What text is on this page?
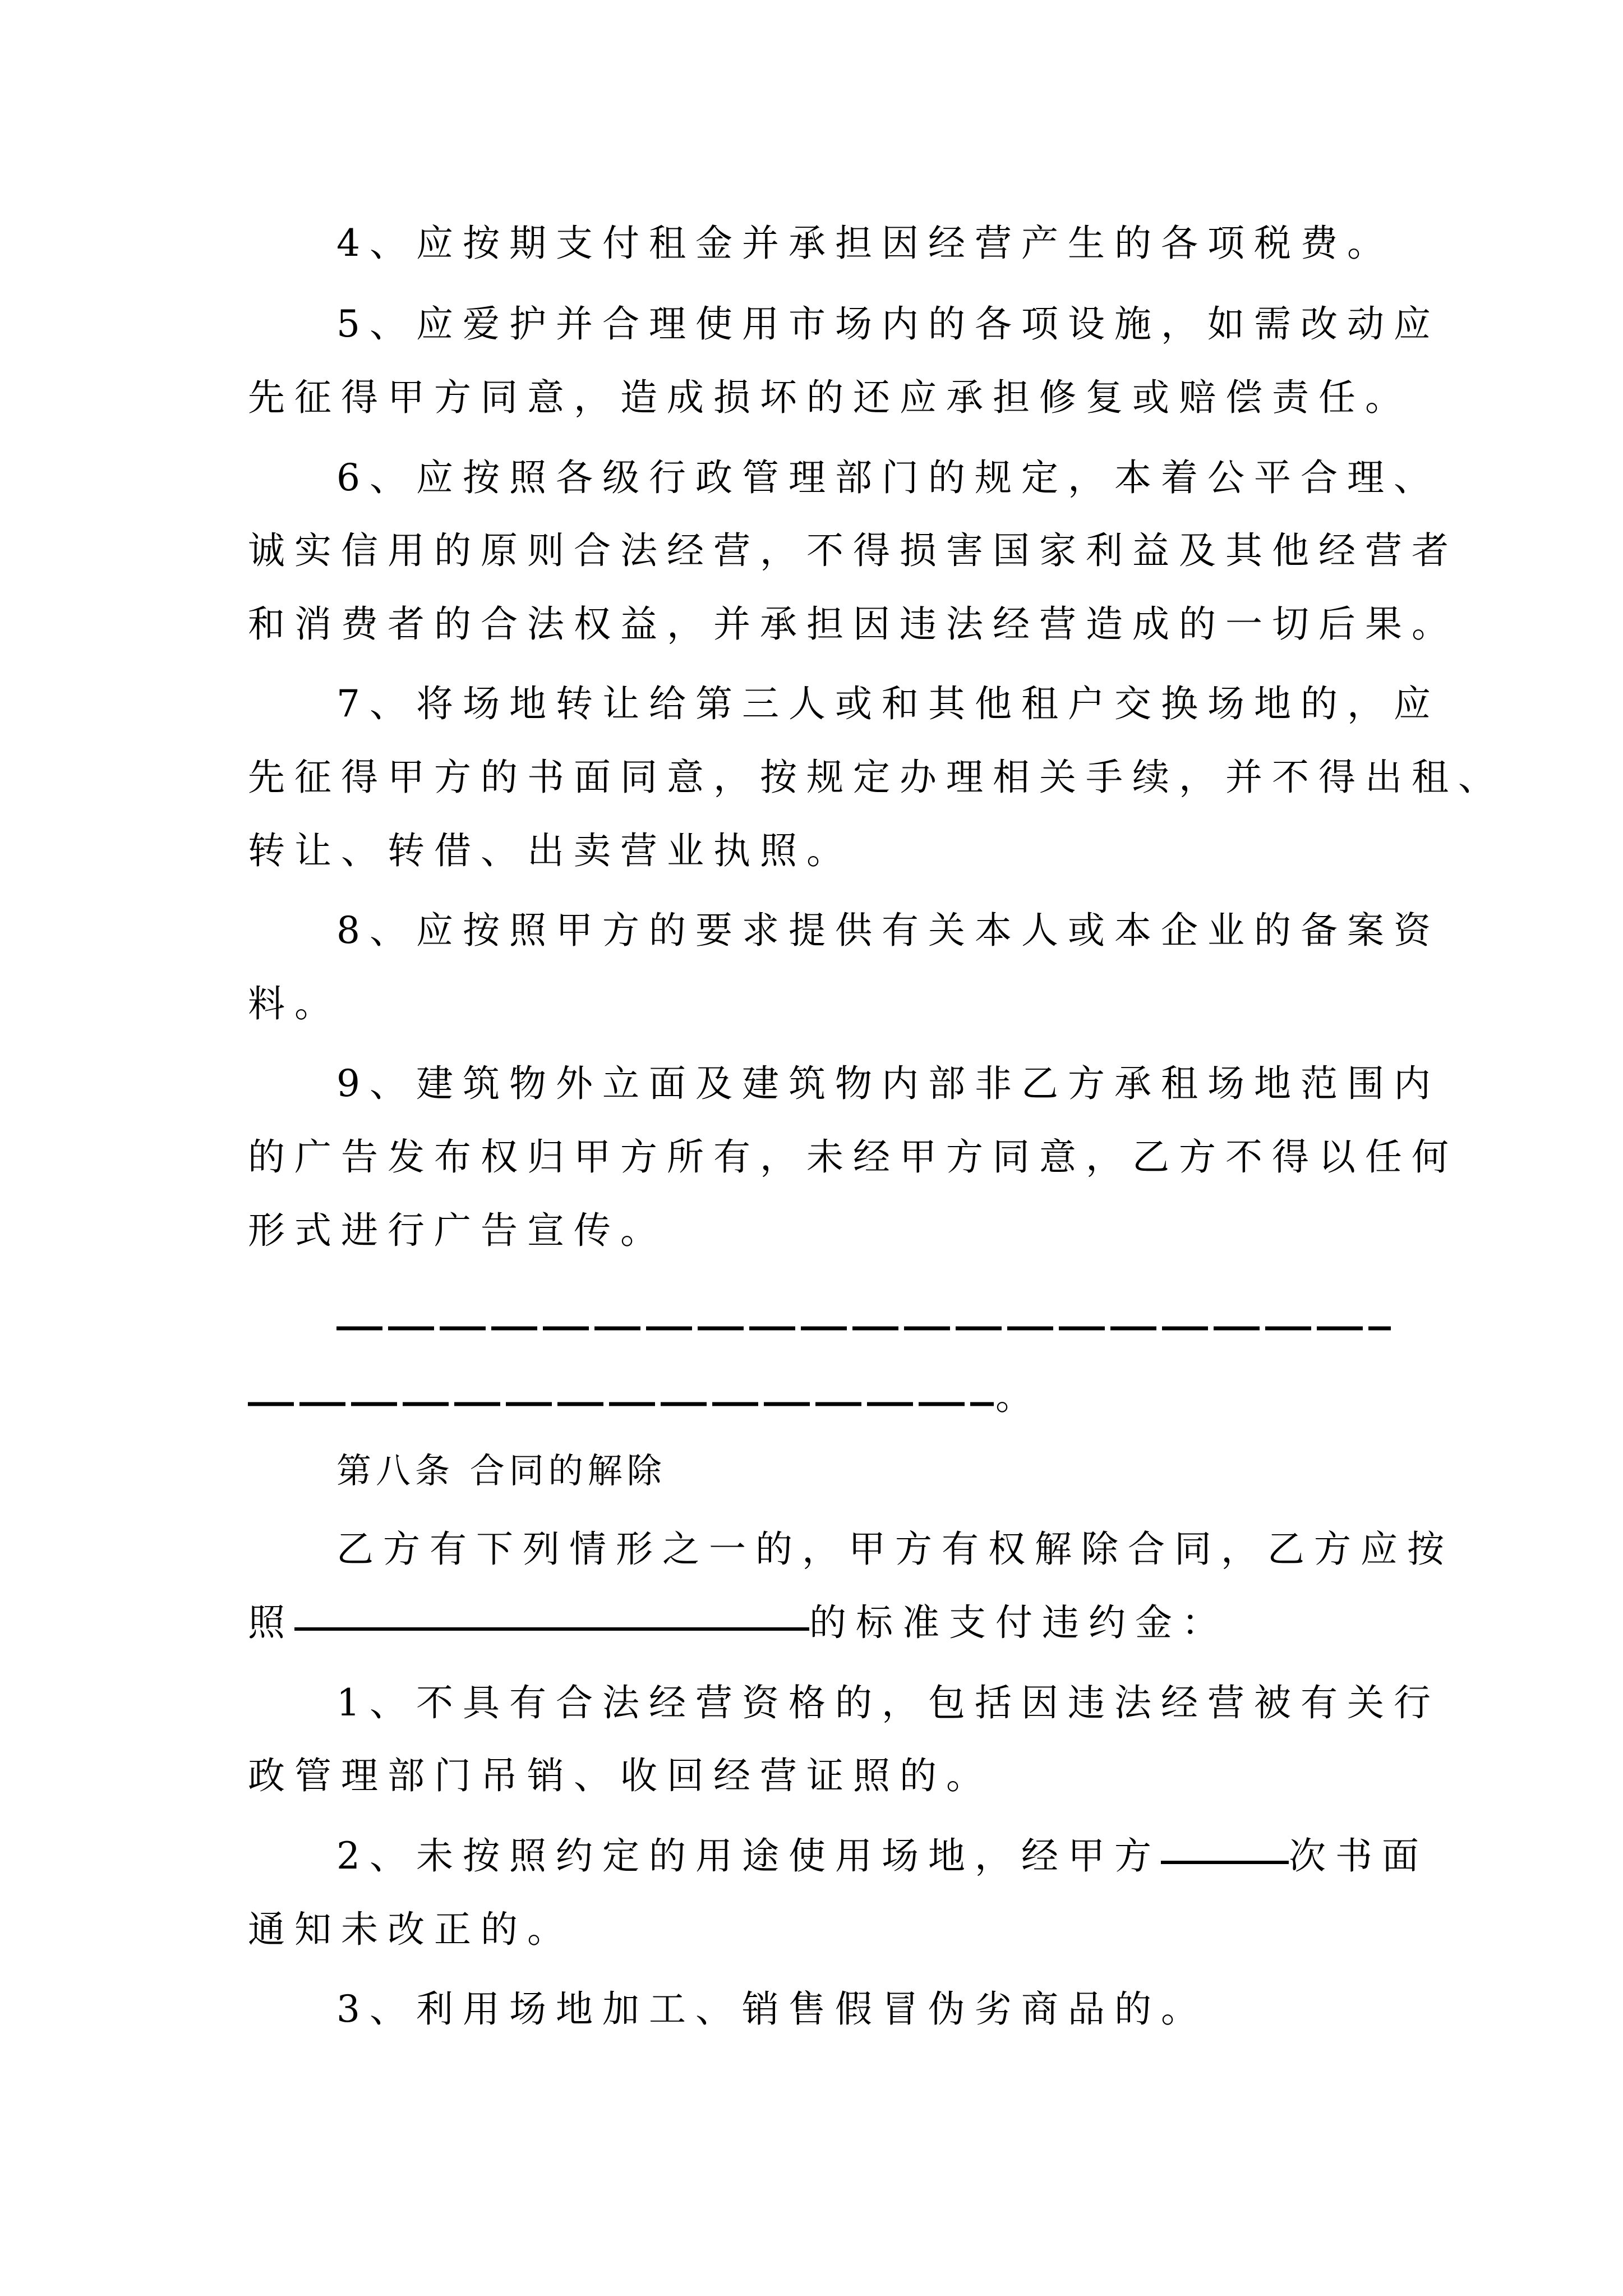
4、应按期支付租金并承担因经营产生的各项税费。
5、应爱护并合理使用市场内的各项设施，如需改动应
先征得甲方同意，造成损坏的还应承担修复或赔偿责任。
6、应按照各级行政管理部门的规定，本着公平合理、
诚实信用的原则合法经营，不得损害国家利益及其他经营者
和消费者的合法权益，并承担因违法经营造成的一切后果。
7、将场地转让给第三人或和其他租户交换场地的，应
先征得甲方的书面同意，按规定办理相关手续，并不得出租、
转让、转借、出卖营业执照。
8、应按照甲方的要求提供有关本人或本企业的备案资
料。
9、建筑物外立面及建筑物内部非乙方承租场地范围内
的广告发布权归甲方所有，未经甲方同意，乙方不得以任何
形式进行广告宣传。
。
第八条 合同的解除
乙方有下列情形之一的，甲方有权解除合同，乙方应按
照	的标准支付违约金：
1、不具有合法经营资格的，包括因违法经营被有关行
政管理部门吊销、收回经营证照的。
2、未按照约定的用途使用场地，经甲方	次书面
通知未改正的。
3、利用场地加工、销售假冒伪劣商品的。
